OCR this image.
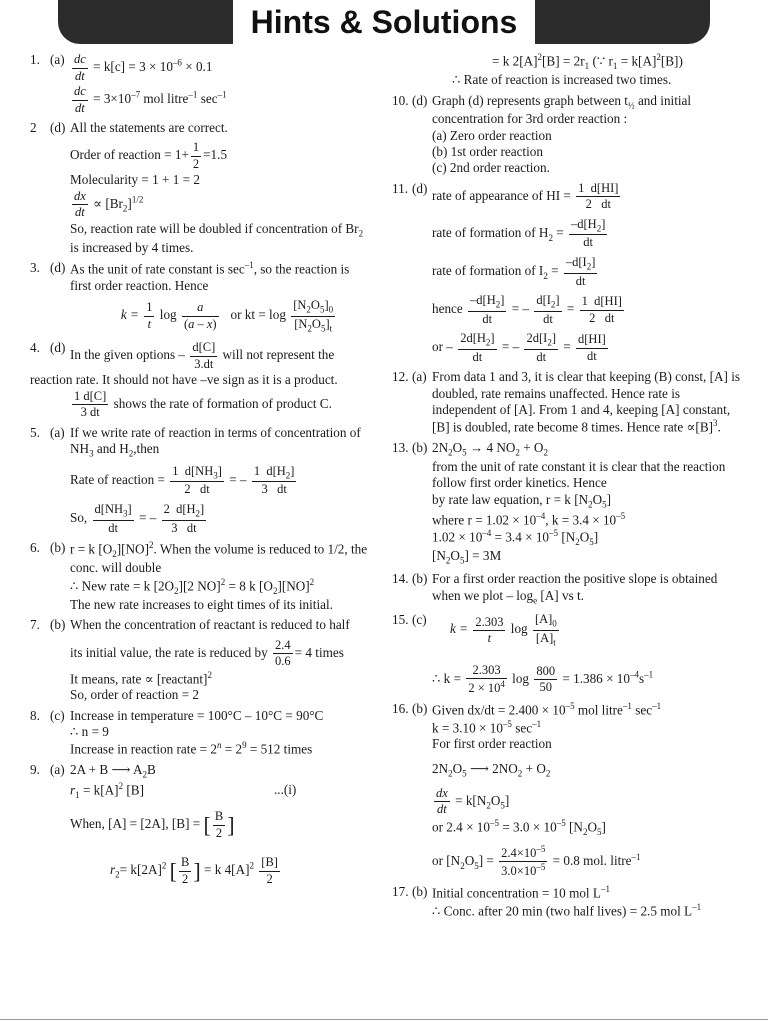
Hints & Solutions
1. $(a) \frac{dc}{dt} = k[c] = 3 \times 10^{-6} \times 0.1$
$\frac{dc}{dt} = 3\times 10^{-7}$ mol litre$^{-1}$ $\sec^{-1}$
2 (d) All the statements are correct.
Order of reaction = $1+ \frac{1}{2} =1.5$
Molecularity = 1 + 1 = 2
$\frac{dx}{dt} \propto [Br_2]^{1/2}$
So, reaction rate will be doubled if concentration of $Br_2$
is increased by 4 times.
3. (d) As the unit of rate constant is $\sec^{-1}$, so the reaction is
first order reaction. Hence
$k = \frac{1}{t}$ $\log \frac{a}{(a - x)}$ or kt = $\log \frac{[N_2O_5]_0}{[N_2O_5]_t}$
4. (d) In the given options – $\frac{d[C]}{3.dt}$ will not represent the
reaction rate. It should not have –ve sign as it is a product.
$\frac{1 d[C]}{3 dt}$ shows the rate of formation of product C.
5. (a) If we write rate of reaction in terms of concentration of
$NH_3$ and $H_2,then$
Rate of reaction = $\frac{1 d[NH_3]}{2 dt}$ = – $\frac{1 d[H_2]}{3 dt}$
So, $\frac{d[NH_3]}{dt}$ = – $\frac{2 d[H_2]}{3 dt}$
6. (b) r = k $[O_2][NO]^2$. When the volume is reduced to 1/2, the
conc. will double
∴ New rate = k $[2O_2][2$ NO]$^2$ = 8 k $[O_2][NO]^2$
The new rate increases to eight times of its initial.
7. (b) When the concentration of reactant is reduced to half
its initial value, the rate is reduced by $\frac{2.4}{0.6} = 4$ times
It means, rate ∝ [reactant]$^2$
So, order of reaction = 2
8. (c) Increase in temperature = 100°C – 10°C = 90°C
∴ n = 9
Increase in reaction rate = $2^n = 2^9 = 512$ times
9. (a) 2A + B ⟶ $A_2B$
$r_1 = k[A]^2$ [B]	...(i)
When, [A] = [2A], [B] = [ $\frac{B}{2}$ ]
$r_2= k[2A]^2$ [ $\frac{B}{2}$ ] = k $4[A]^2 \frac{[B]}{2}$
= k $2[A]^2[B] = 2r_1$ (∵ $r_1 = k[A]^2[B]$)
∴ Rate of reaction is increased two times.
10. (d) Graph (d) represents graph between $t_{\frac{1}{2}}$ and initial
concentration for 3rd order reaction :
(a) Zero order reaction
(b) 1st order reaction
(c) 2nd order reaction.
11. (d) rate of appearance of HI = $\frac{1 d[HI]}{2 dt}$
rate of formation of $H_2 = \frac{-d[H_2]}{dt}$
rate of formation of $I_2 = \frac{-d[I_2]}{dt}$
hence $\frac{-d[H_2]}{dt}$ = – $\frac{d[I_2]}{dt} = \frac{1 d[HI]}{2 dt}$
or – $\frac{2d[H_2]}{dt}$ = – $\frac{2d[I_2]}{dt} = \frac{d[HI]}{dt}$
12. (a) From data 1 and 3, it is clear that keeping (B) const, [A] is
doubled, rate remains unaffected. Hence rate is
independent of [A]. From 1 and 4, keeping [A] constant,
[B] is doubled, rate become 8 times. Hence rate $\propto[B]^3$.
13. (b) $2N_2O_5 \to 4$ $NO_2 + O_2$
from the unit of rate constant it is clear that the reaction
follow first order kinetics. Hence
by rate law equation, r = k $[N_2O_5]$
where $r = 1.02 \times 10^{-4}$, $k = 3.4 \times 10^{-5}$
$1.02 \times 10^{-4} = 3.4 \times 10^{-5}$ $[N_2O_5]$
$[N_2O_5] = 3M$
14. (b) For a first order reaction the positive slope is obtained
when we plot – $\log_e [A]$ vs t.
15. (c)
$k = \frac{2.303}{t}$ $\log \frac{[A]_0}{[A]_t}$
∴ $k = \frac{2.303}{2 \times 10^4}$ $\log \frac{800}{50} = 1.386 \times 10^{-4}s^{-1}$
16. (b) Given $dx/dt = 2.400 \times 10^{-5}$ mol litre$^{-1}$ $\sec^{-1}$
$k = 3.10 \times 10^{-5}$ $\sec^{-1}$
For first order reaction
$2N_2O_5$ ⟶ $2NO_2 + O_2$
$\frac{dx}{dt} = k[N_2O_5]$
or $2.4 \times 10^{-5} = 3.0 \times 10^{-5}$ $[N_2O_5]$
or $[N_2O_5] = \frac{2.4\times 10^{-5}}{3.0\times 10^{-5}} = 0.8$ mol. litre$^{-1}$
17. (b) Initial concentration = 10 mol $L^{-1}$
∴ Conc. after 20 min (two half lives) = 2.5 mol $L^{-1}$
